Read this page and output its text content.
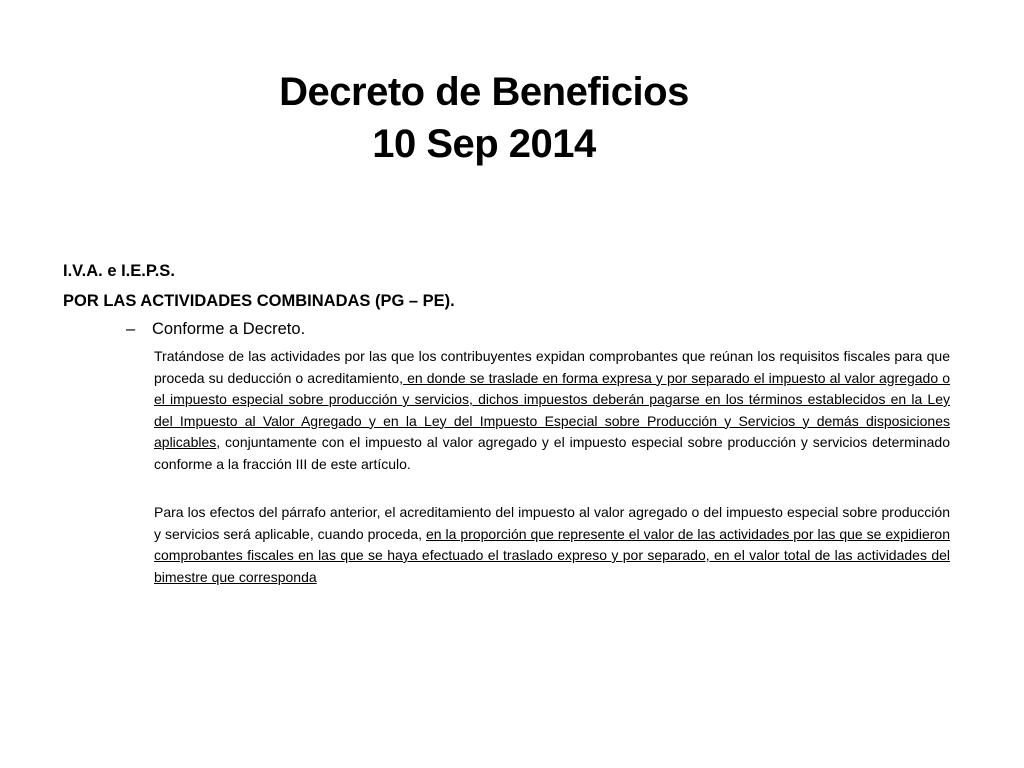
Decreto de Beneficios
10 Sep 2014
I.V.A. e I.E.P.S.
POR LAS ACTIVIDADES COMBINADAS (PG – PE).
–	Conforme a Decreto.

Tratándose de las actividades por las que los contribuyentes expidan comprobantes que reúnan los requisitos fiscales para que proceda su deducción o acreditamiento, en donde se traslade en forma expresa y por separado el impuesto al valor agregado o el impuesto especial sobre producción y servicios, dichos impuestos deberán pagarse en los términos establecidos en la Ley del Impuesto al Valor Agregado y en la Ley del Impuesto Especial sobre Producción y Servicios y demás disposiciones aplicables, conjuntamente con el impuesto al valor agregado y el impuesto especial sobre producción y servicios determinado conforme a la fracción III de este artículo.

Para los efectos del párrafo anterior, el acreditamiento del impuesto al valor agregado o del impuesto especial sobre producción y servicios será aplicable, cuando proceda, en la proporción que represente el valor de las actividades por las que se expidieron comprobantes fiscales en las que se haya efectuado el traslado expreso y por separado, en el valor total de las actividades del bimestre que corresponda
